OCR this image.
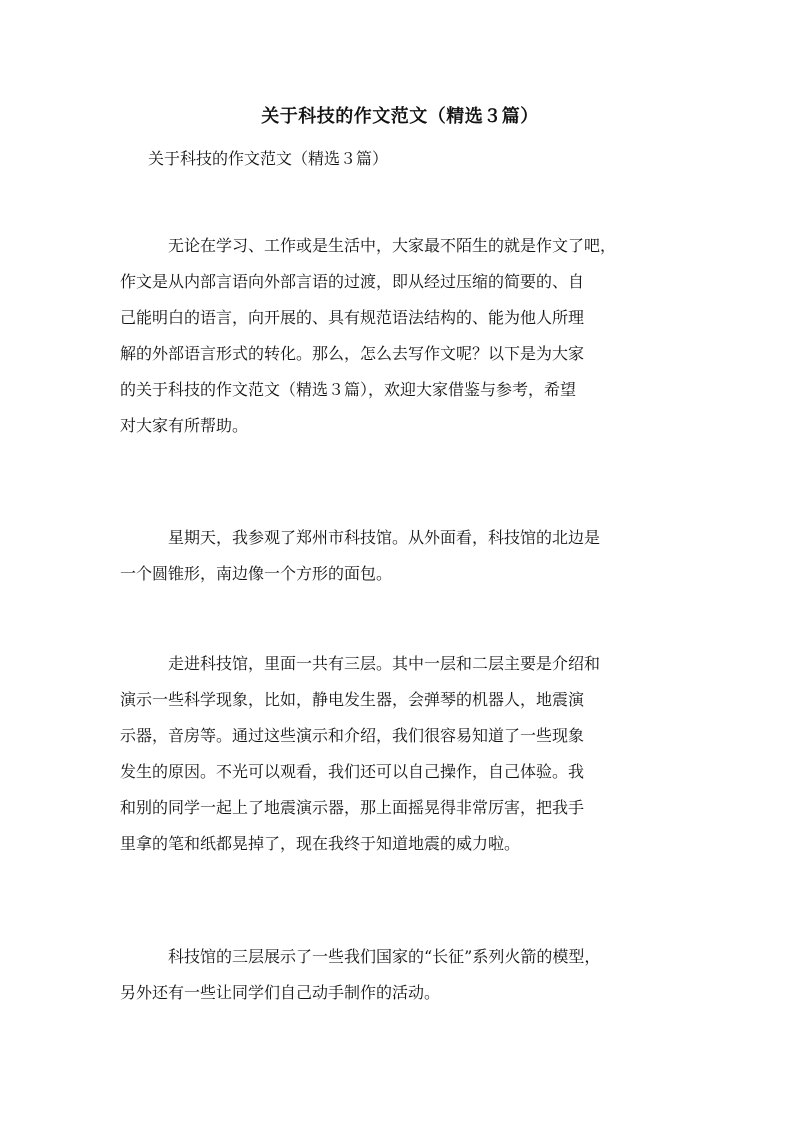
关于科技的作文范文（精选３篇）
关于科技的作文范文（精选３篇）
无论在学习、工作或是生活中，大家最不陌生的就是作文了吧，
作文是从内部言语向外部言语的过渡，即从经过压缩的简要的、自
己能明白的语言，向开展的、具有规范语法结构的、能为他人所理
解的外部语言形式的转化。那么，怎么去写作文呢？以下是为大家
的关于科技的作文范文（精选３篇），欢迎大家借鉴与参考，希望
对大家有所帮助。
星期天，我参观了郑州市科技馆。从外面看，科技馆的北边是
一个圆锥形，南边像一个方形的面包。
走进科技馆，里面一共有三层。其中一层和二层主要是介绍和
演示一些科学现象，比如，静电发生器，会弹琴的机器人，地震演
示器，音房等。通过这些演示和介绍，我们很容易知道了一些现象
发生的原因。不光可以观看，我们还可以自己操作，自己体验。我
和别的同学一起上了地震演示器，那上面摇晃得非常厉害，把我手
里拿的笔和纸都晃掉了，现在我终于知道地震的威力啦。
科技馆的三层展示了一些我们国家的“长征”系列火箭的模型，
另外还有一些让同学们自己动手制作的活动。
